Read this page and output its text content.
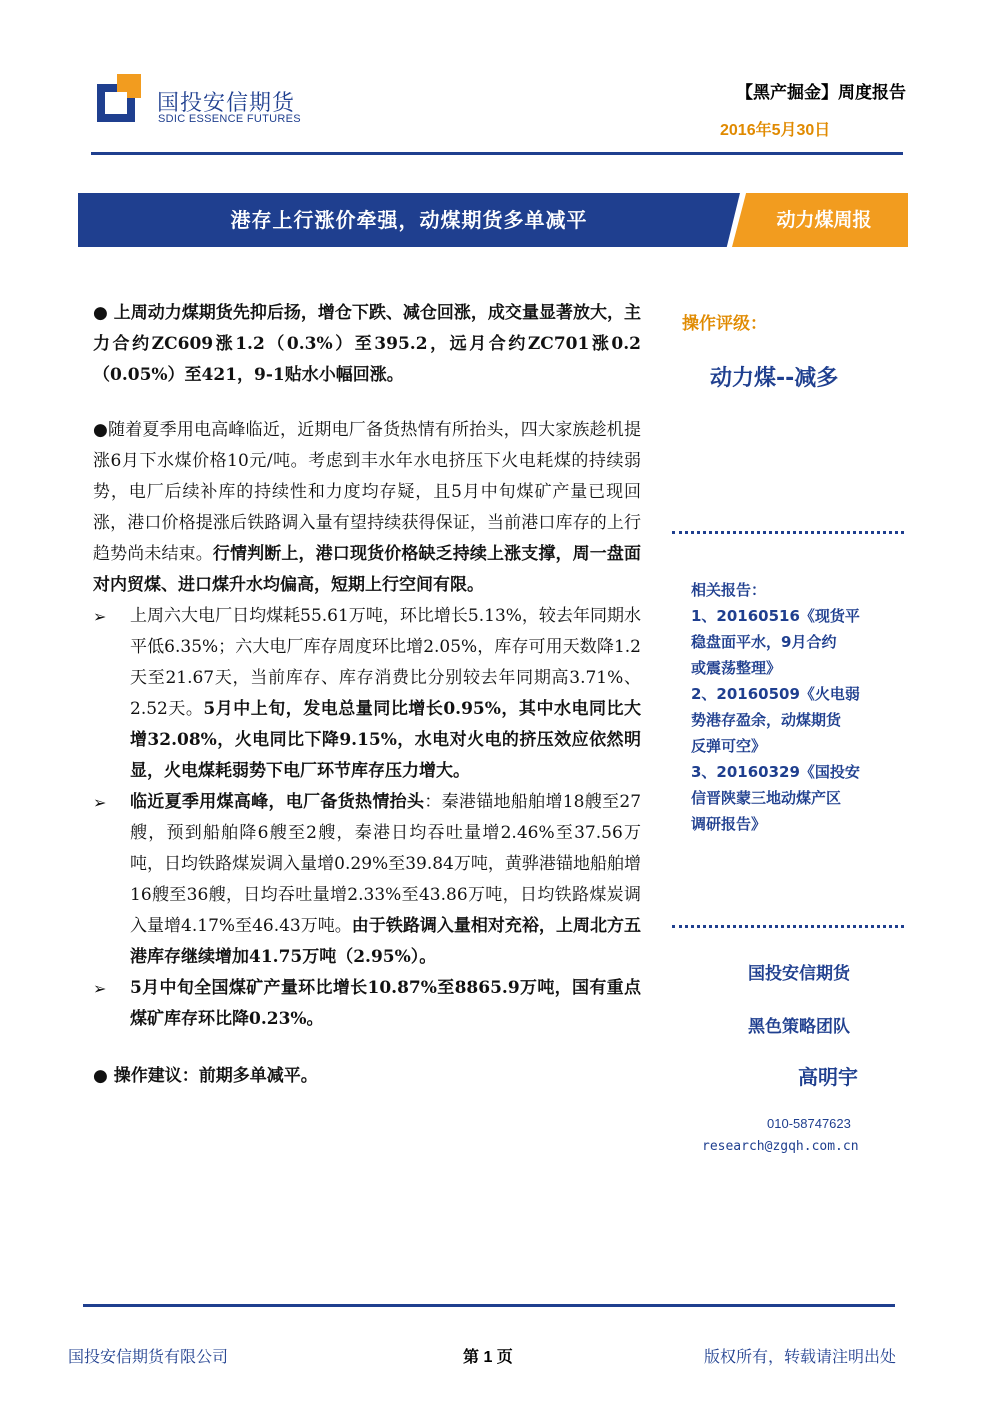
国投安信期货
SDIC ESSENCE FUTURES
【黑产掘金】周度报告
2016年5月30日
港存上行涨价牵强，动煤期货多单减平	动力煤周报

● 上周动力煤期货先抑后扬，增仓下跌、减仓回涨，成交量显著放大，主力合约ZC609涨1.2（0.3%）至395.2，远月合约ZC701涨0.2（0.05%）至421，9-1贴水小幅回涨。

●随着夏季用电高峰临近，近期电厂备货热情有所抬头，四大家族趁机提涨6月下水煤价格10元/吨。考虑到丰水年水电挤压下火电耗煤的持续弱势，电厂后续补库的持续性和力度均存疑，且5月中旬煤矿产量已现回涨，港口价格提涨后铁路调入量有望持续获得保证，当前港口库存的上行趋势尚未结束。行情判断上，港口现货价格缺乏持续上涨支撑，周一盘面对内贸煤、进口煤升水均偏高，短期上行空间有限。

➢	上周六大电厂日均煤耗55.61万吨，环比增长5.13%，较去年同期水平低6.35%；六大电厂库存周度环比增2.05%，库存可用天数降1.2天至21.67天，当前库存、库存消费比分别较去年同期高3.71%、2.52天。5月中上旬，发电总量同比增长0.95%，其中水电同比大增32.08%，火电同比下降9.15%，水电对火电的挤压效应依然明显，火电煤耗弱势下电厂环节库存压力增大。
➢	临近夏季用煤高峰，电厂备货热情抬头：秦港锚地船舶增18艘至27艘，预到船舶降6艘至2艘，秦港日均吞吐量增2.46%至37.56万吨，日均铁路煤炭调入量增0.29%至39.84万吨，黄骅港锚地船舶增16艘至36艘，日均吞吐量增2.33%至43.86万吨，日均铁路煤炭调入量增4.17%至46.43万吨。由于铁路调入量相对充裕，上周北方五港库存继续增加41.75万吨（2.95%）。
➢	5月中旬全国煤矿产量环比增长10.87%至8865.9万吨，国有重点煤矿库存环比降0.23%。

● 操作建议：前期多单减平。

操作评级：
动力煤--减多
相关报告：
1、20160516《现货平
稳盘面平水，9月合约
或震荡整理》
2、20160509《火电弱
势港存盈余，动煤期货
反弹可空》
3、20160329《国投安
信晋陕蒙三地动煤产区
调研报告》
国投安信期货
黑色策略团队
高明宇
010-58747623
research@zgqh.com.cn
国投安信期货有限公司	第 1 页	版权所有，转载请注明出处
